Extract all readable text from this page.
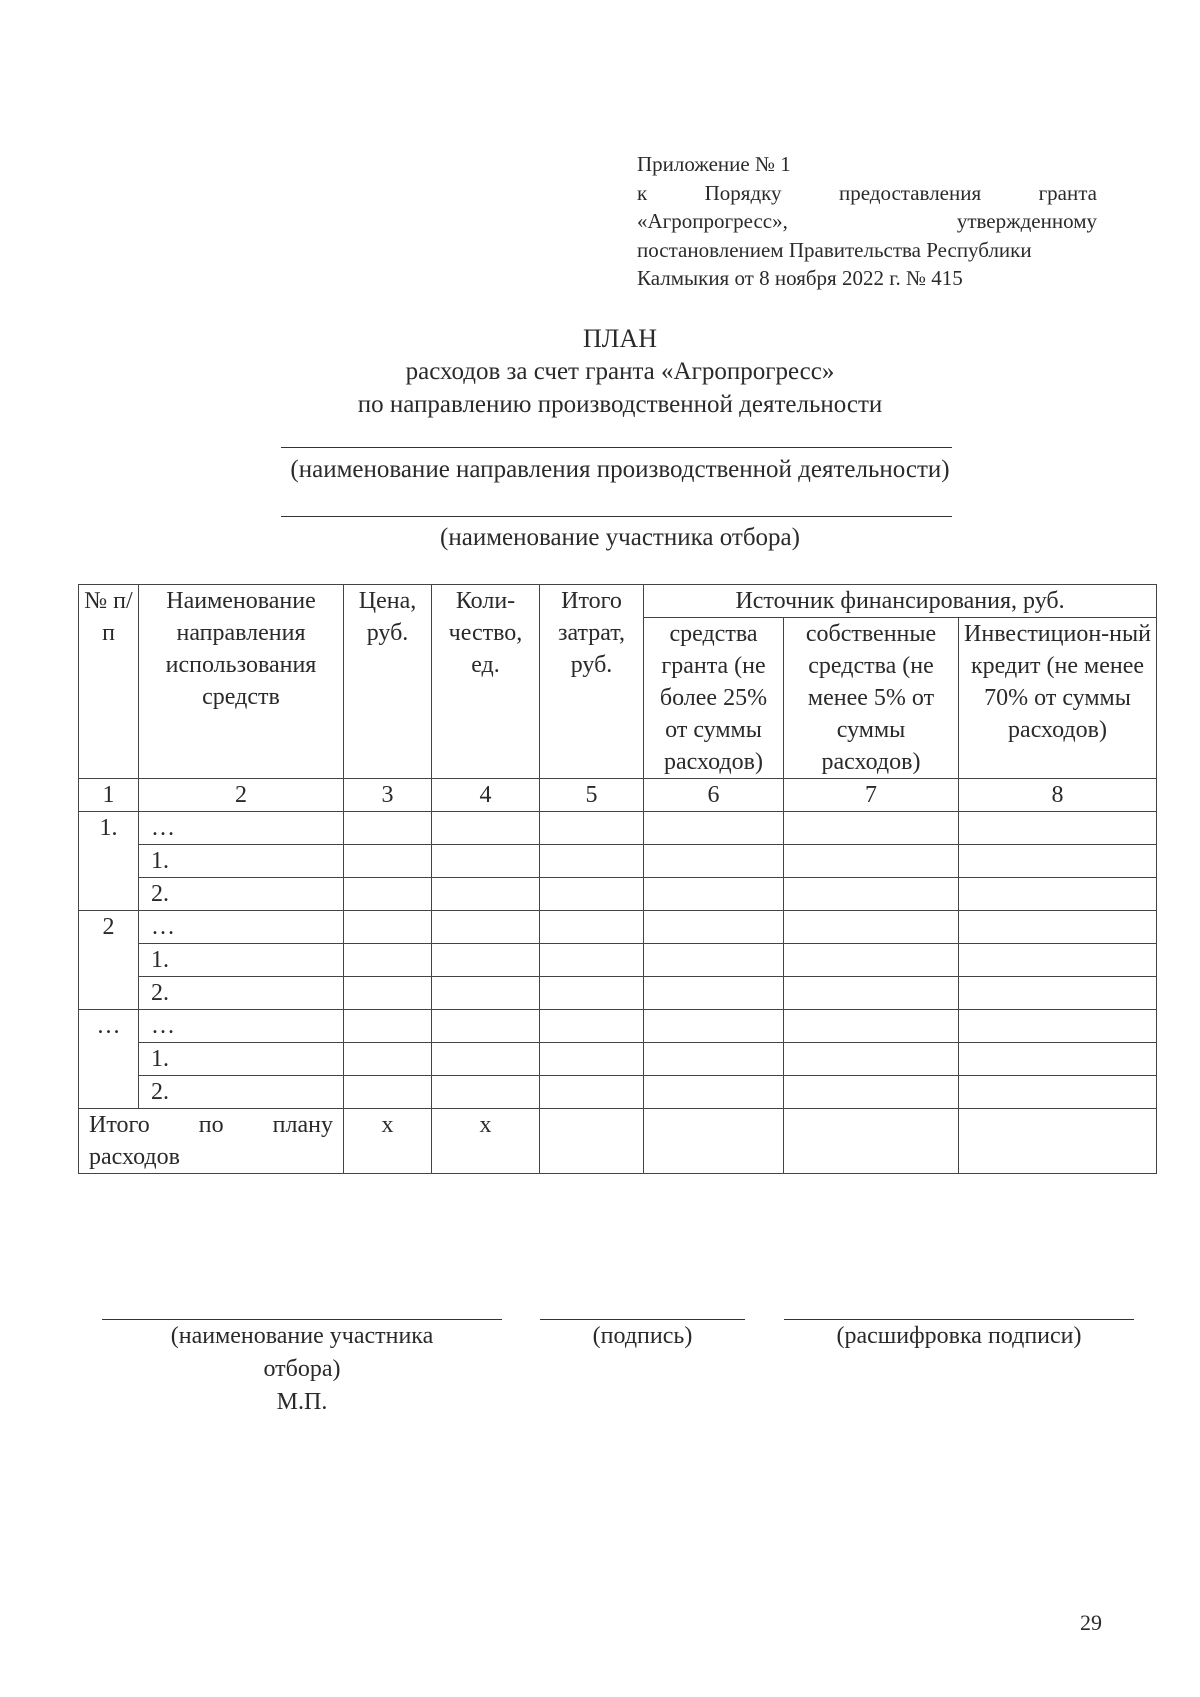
Приложение № 1
к Порядку предоставления гранта
«Агропрогресс», утвержденному
постановлением Правительства Республики
Калмыкия от 8 ноября 2022 г. № 415
ПЛАН
расходов за счет гранта «Агропрогресс»
по направлению производственной деятельности
(наименование направления производственной деятельности)
(наименование участника отбора)
№ п/п	Наименование направления использования средств	Цена, руб.	Коли-чество, ед.	Итого затрат, руб.	Источник финансирования, руб.		
					средства гранта (не более 25% от суммы расходов)	собственные средства (не менее 5% от суммы расходов)	Инвестицион-ный кредит (не менее 70% от суммы расходов)
1	2	3	4	5	6	7	8
1.	…						
	1.						
	2.						
2	…						
	1.						
	2.						
…	…						
	1.						
	2.						
Итого по плану расходов		х	х				
(наименование участника отбора)
М.П.
(подпись)	(расшифровка подписи)
29
